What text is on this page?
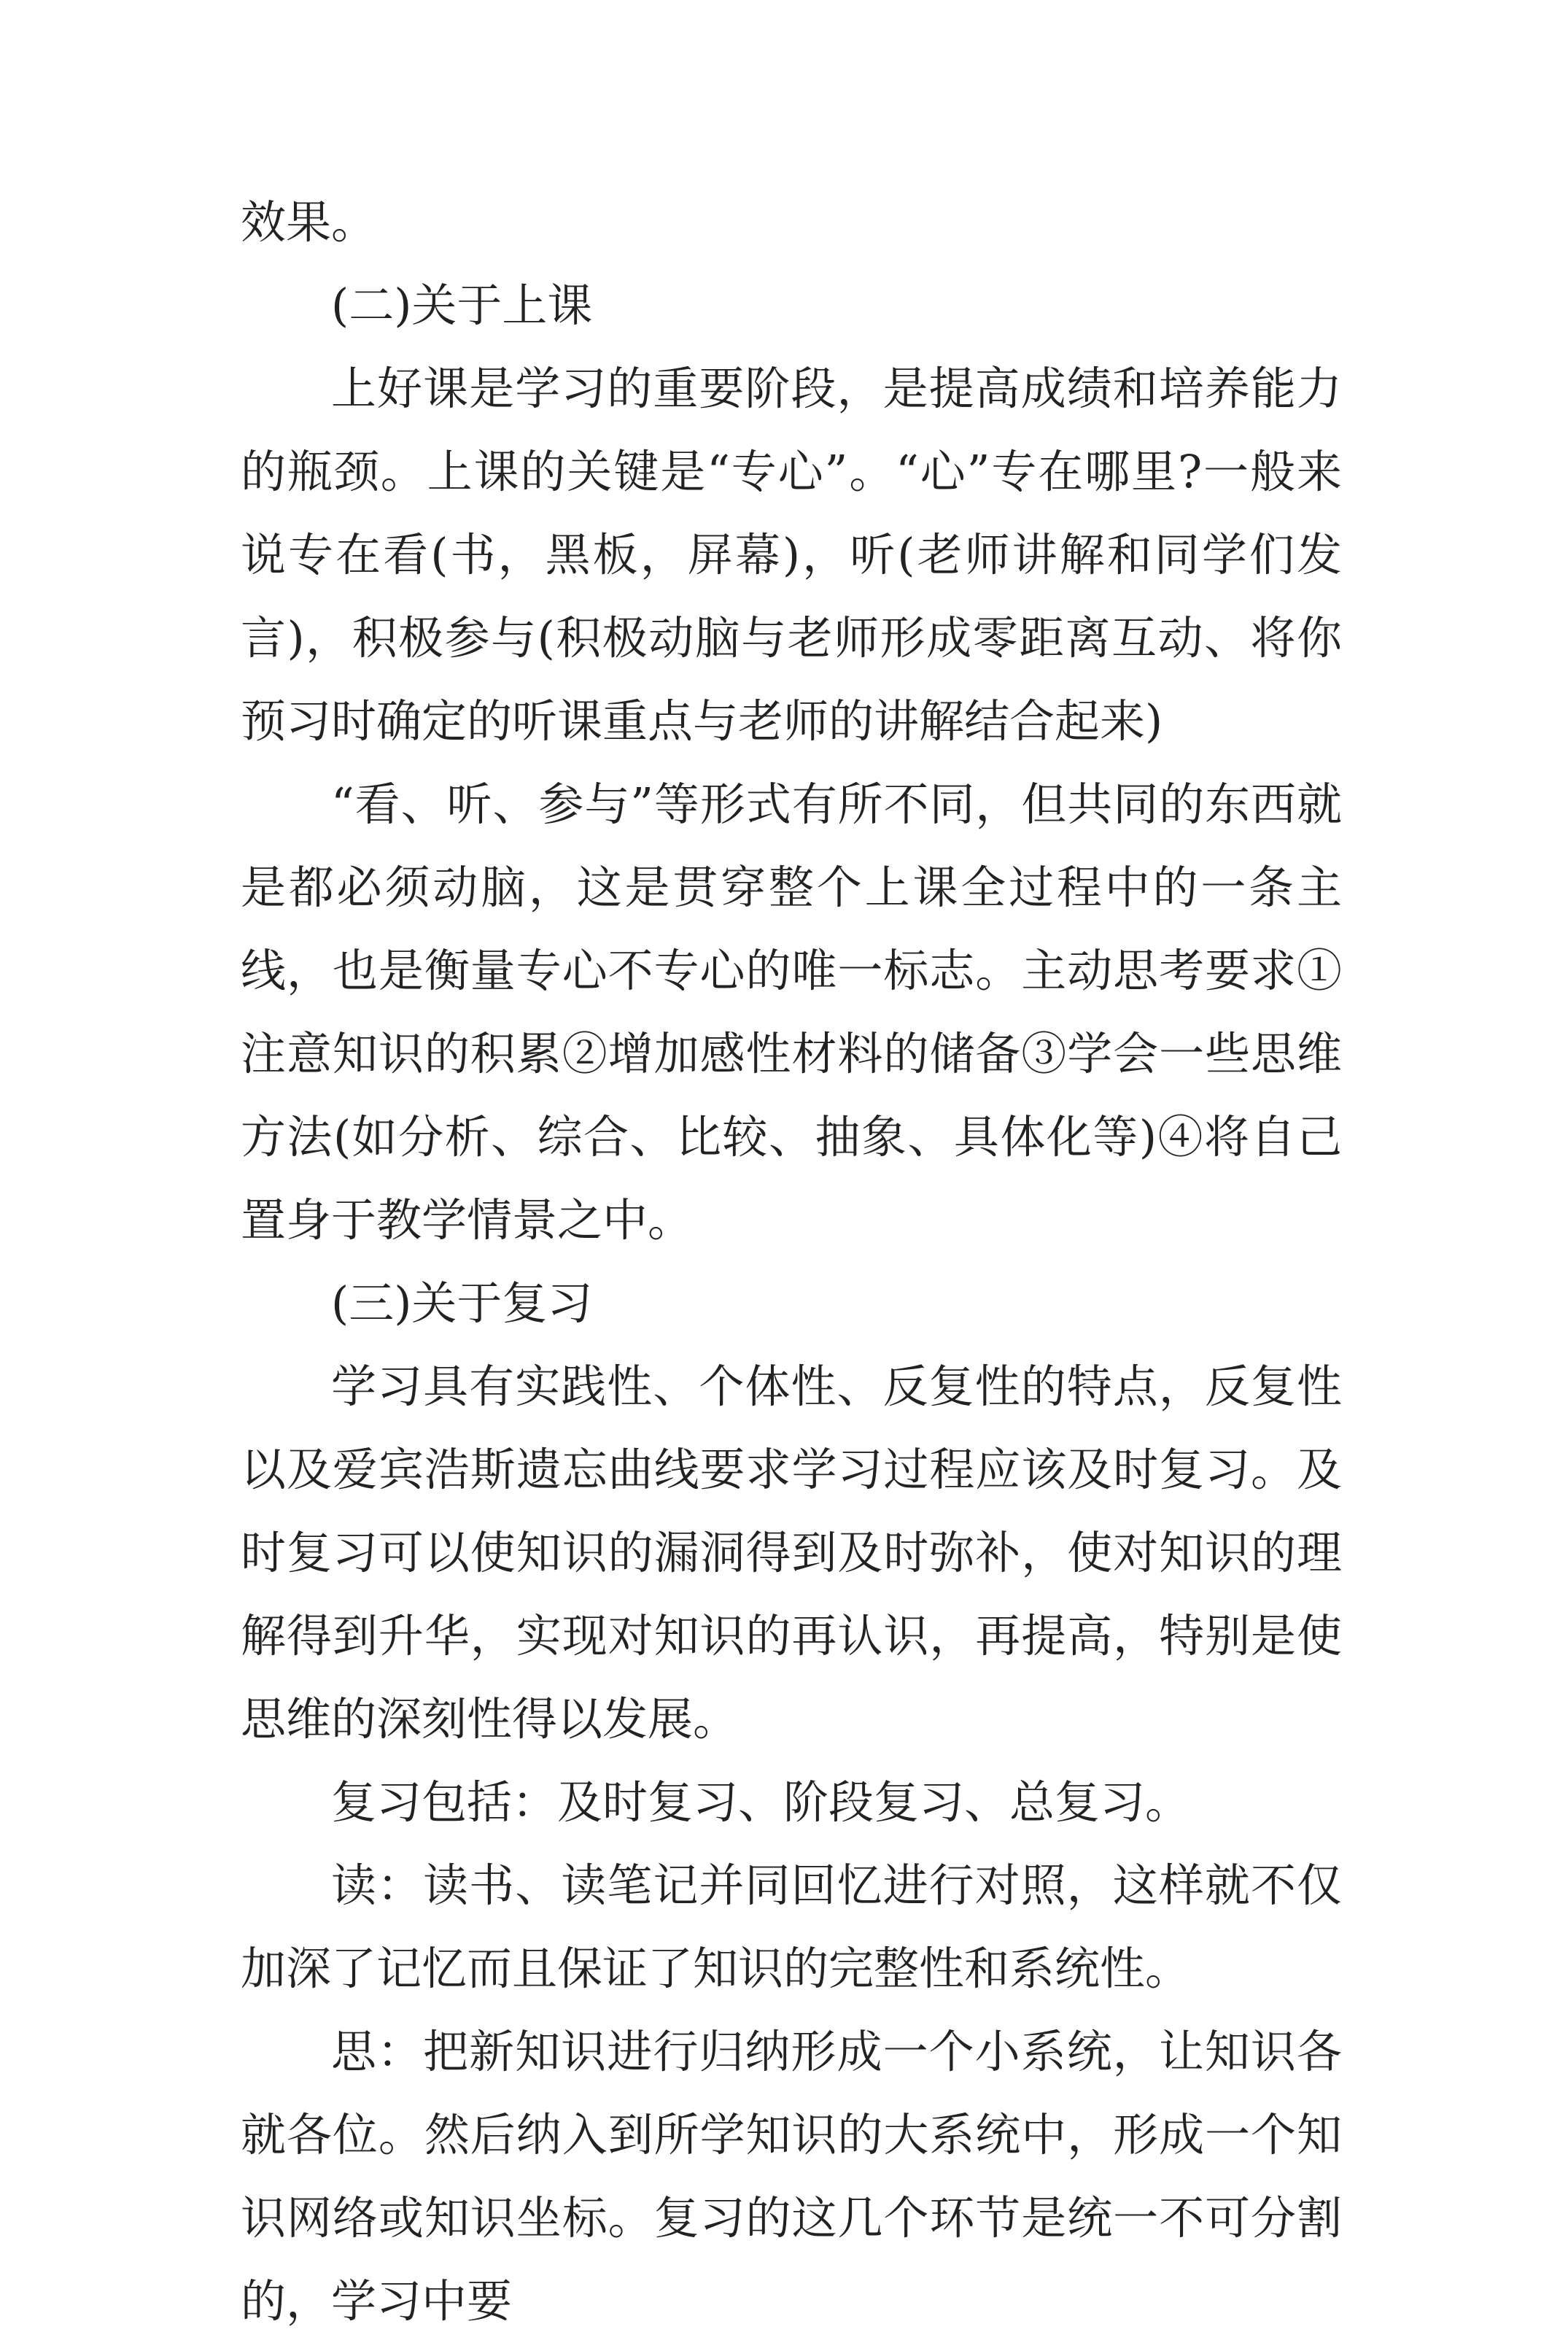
效果。

(二)关于上课

上好课是学习的重要阶段，是提高成绩和培养能力的瓶颈。上课的关键是“专心”。“心”专在哪里?一般来说专在看(书，黑板，屏幕)，听(老师讲解和同学们发言)，积极参与(积极动脑与老师形成零距离互动、将你预习时确定的听课重点与老师的讲解结合起来)

“看、听、参与”等形式有所不同，但共同的东西就是都必须动脑，这是贯穿整个上课全过程中的一条主线，也是衡量专心不专心的唯一标志。主动思考要求①注意知识的积累②增加感性材料的储备③学会一些思维方法(如分析、综合、比较、抽象、具体化等)④将自己置身于教学情景之中。

(三)关于复习

学习具有实践性、个体性、反复性的特点，反复性以及爱宾浩斯遗忘曲线要求学习过程应该及时复习。及时复习可以使知识的漏洞得到及时弥补，使对知识的理解得到升华，实现对知识的再认识，再提高，特别是使思维的深刻性得以发展。

复习包括：及时复习、阶段复习、总复习。

读：读书、读笔记并同回忆进行对照，这样就不仅加深了记忆而且保证了知识的完整性和系统性。

思：把新知识进行归纳形成一个小系统，让知识各就各位。然后纳入到所学知识的大系统中，形成一个知识网络或知识坐标。复习的这几个环节是统一不可分割的，学习中要
